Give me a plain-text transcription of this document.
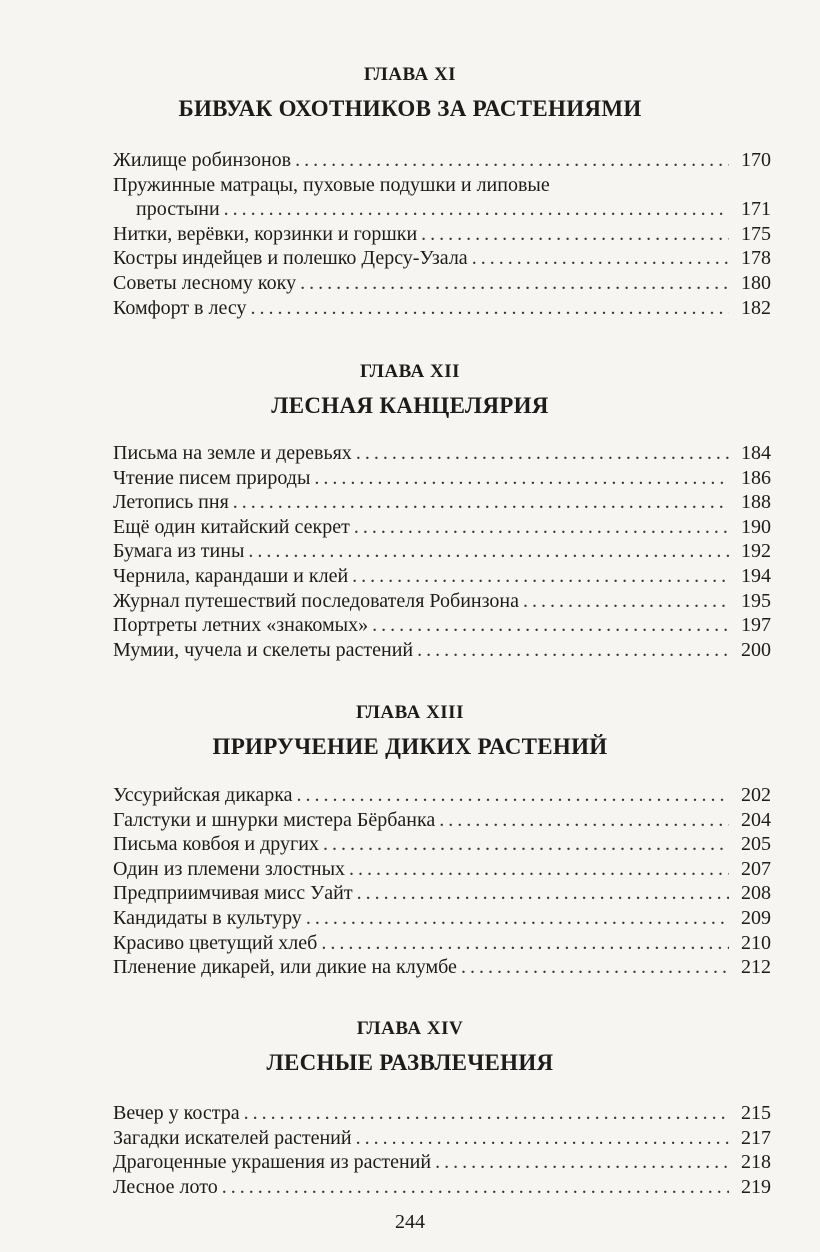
ГЛАВА XI
БИВУАК ОХОТНИКОВ ЗА РАСТЕНИЯМИ
Жилище робинзонов . . .	170
Пружинные матрацы, пуховые подушки и липовые
простыни . . .	171
Нитки, верёвки, корзинки и горшки . . .	175
Костры индейцев и полешко Дерсу-Узала . . .	178
Советы лесному коку . . .	180
Комфорт в лесу . . .	182
ГЛАВА XII
ЛЕСНАЯ КАНЦЕЛЯРИЯ
Письма на земле и деревьях . . .	184
Чтение писем природы . . .	186
Летопись пня . . .	188
Ещё один китайский секрет . . .	190
Бумага из тины . . .	192
Чернила, карандаши и клей . . .	194
Журнал путешествий последователя Робинзона . . .	195
Портреты летних «знакомых» . . .	197
Мумии, чучела и скелеты растений . . .	200
ГЛАВА XIII
ПРИРУЧЕНИЕ ДИКИХ РАСТЕНИЙ
Уссурийская дикарка . . .	202
Галстуки и шнурки мистера Бёрбанка . . .	204
Письма ковбоя и других . . .	205
Один из племени злостных . . .	207
Предприимчивая мисс Уайт . . .	208
Кандидаты в культуру . . .	209
Красиво цветущий хлеб . . .	210
Пленение дикарей, или дикие на клумбе . . .	212
ГЛАВА XIV
ЛЕСНЫЕ РАЗВЛЕЧЕНИЯ
Вечер у костра . . .	215
Загадки искателей растений . . .	217
Драгоценные украшения из растений . . .	218
Лесное лото . . .	219
244
